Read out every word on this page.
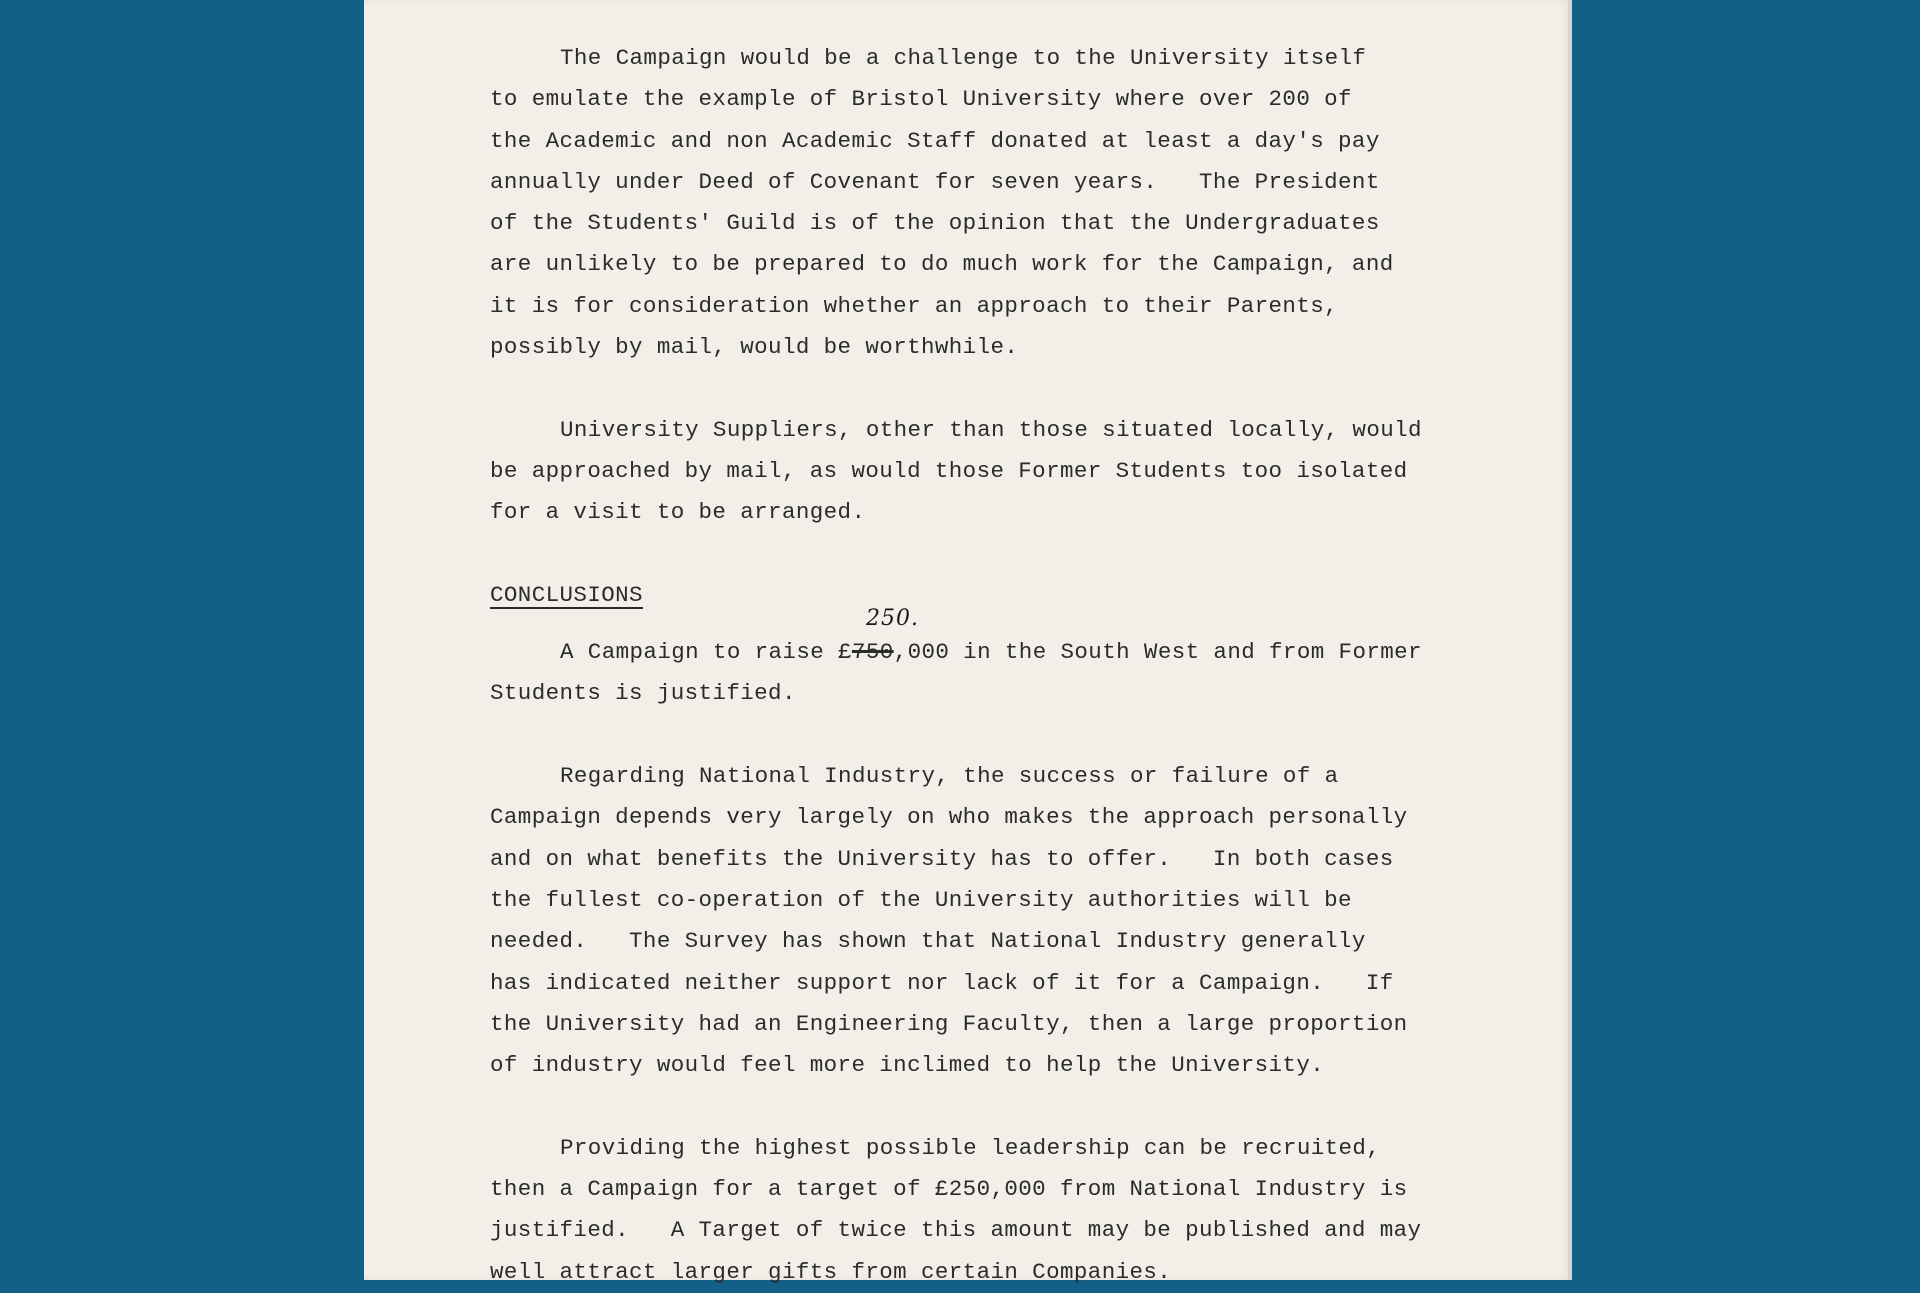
The Campaign would be a challenge to the University itself
to emulate the example of Bristol University where over 200 of
the Academic and non Academic Staff donated at least a day's pay
annually under Deed of Covenant for seven years.   The President
of the Students' Guild is of the opinion that the Undergraduates
are unlikely to be prepared to do much work for the Campaign, and
it is for consideration whether an approach to their Parents,
possibly by mail, would be worthwhile.
University Suppliers, other than those situated locally, would
be approached by mail, as would those Former Students too isolated
for a visit to be arranged.
CONCLUSIONS
A Campaign to raise £750
250.
,000 in the South West and from Former
Students is justified.
Regarding National Industry, the success or failure of a
Campaign depends very largely on who makes the approach personally
and on what benefits the University has to offer.   In both cases
the fullest co-operation of the University authorities will be
needed.   The Survey has shown that National Industry generally
has indicated neither support nor lack of it for a Campaign.   If
the University had an Engineering Faculty, then a large proportion
of industry would feel more inclimed to help the University.
Providing the highest possible leadership can be recruited,
then a Campaign for a target of £250,000 from National Industry is
justified.   A Target of twice this amount may be published and may
well attract larger gifts from certain Companies.
